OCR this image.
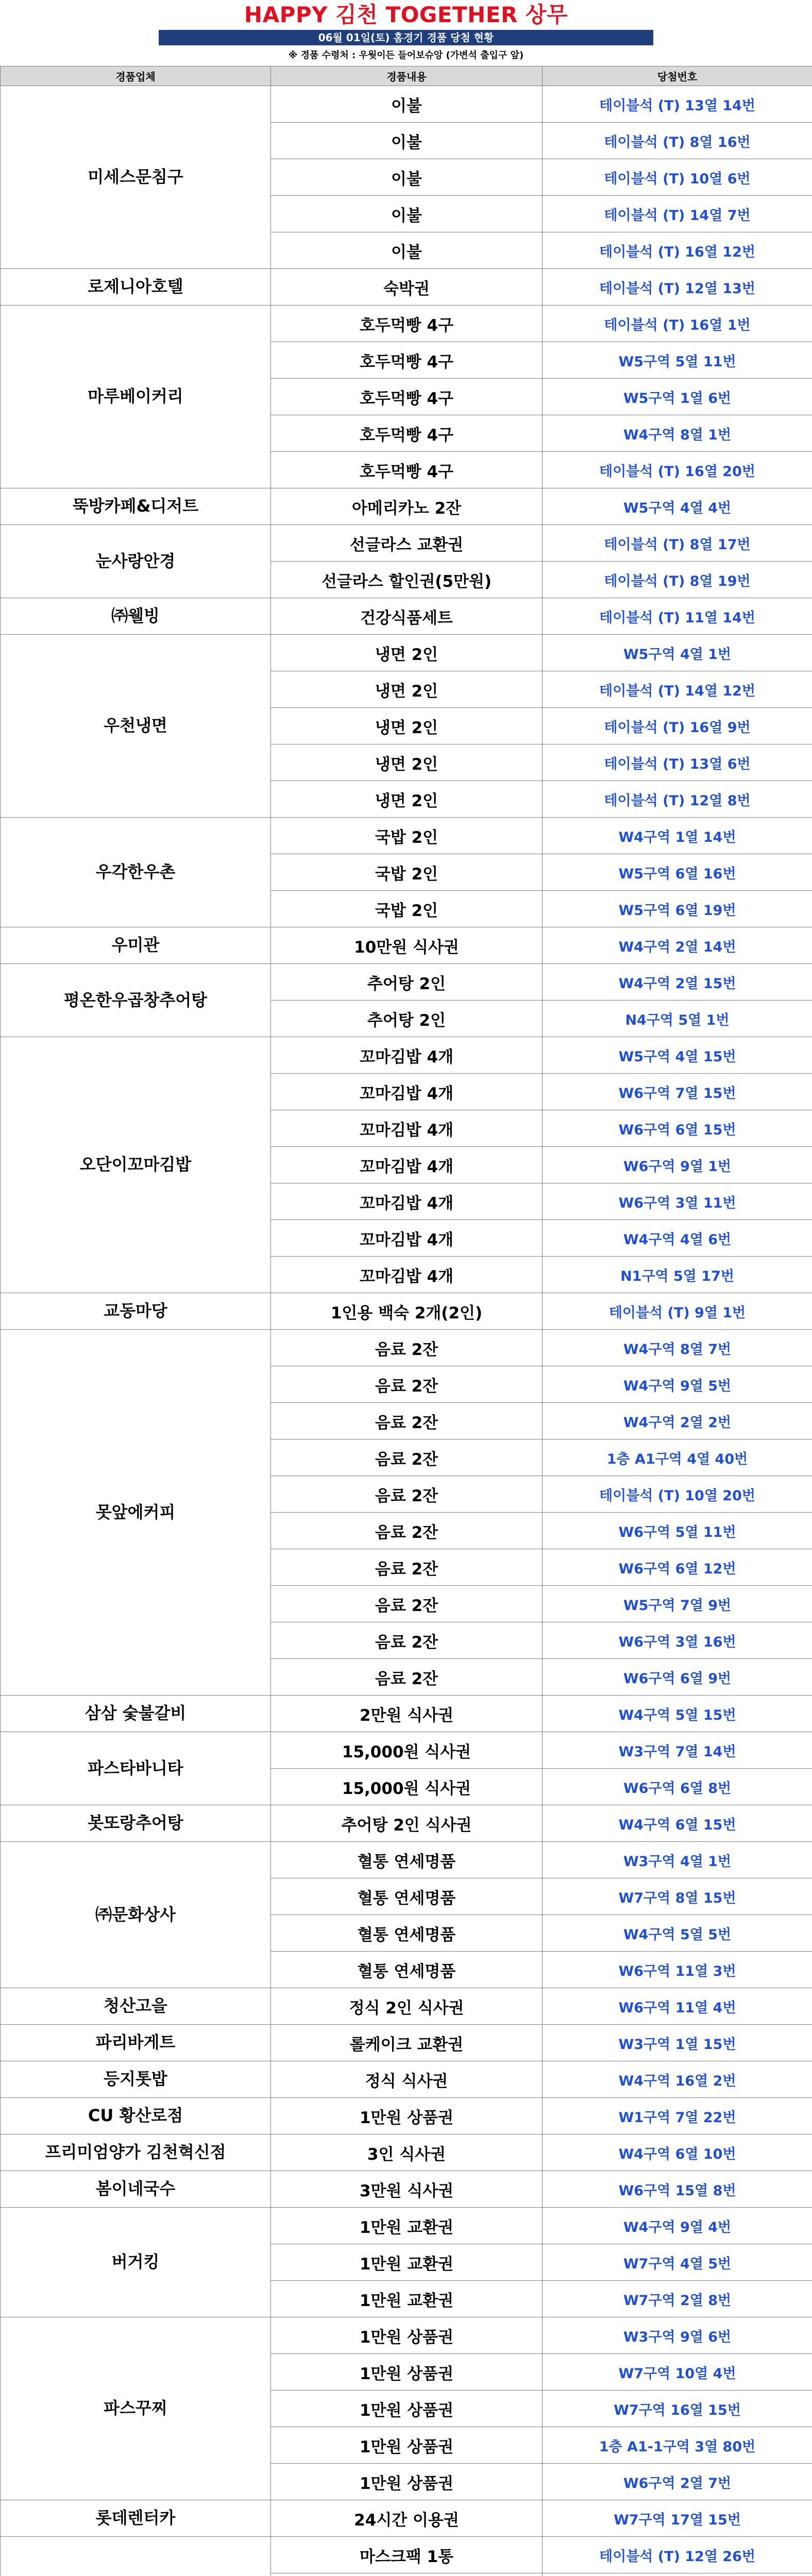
HAPPY 김천 TOGETHER 상무
06월 01일(토) 홈경기 경품 당첨 현황
※ 경품 수령처 : 우웟이든 들어보슈앙 (가변석 출입구 앞)
경품업체	경품내용	당첨번호
미세스문침구	이불	테이블석 (T) 13열 14번
	이불	테이블석 (T) 8열 16번
	이불	테이블석 (T) 10열 6번
	이불	테이블석 (T) 14열 7번
	이불	테이블석 (T) 16열 12번
로제니아호텔	숙박권	테이블석 (T) 12열 13번
마루베이커리	호두먹빵 4구	테이블석 (T) 16열 1번
	호두먹빵 4구	W5구역 5열 11번
	호두먹빵 4구	W5구역 1열 6번
	호두먹빵 4구	W4구역 8열 1번
	호두먹빵 4구	테이블석 (T) 16열 20번
뚝방카페&디저트	아메리카노 2잔	W5구역 4열 4번
눈사랑안경	선글라스 교환권	테이블석 (T) 8열 17번
	선글라스 할인권(5만원)	테이블석 (T) 8열 19번
㈜웰빙	건강식품세트	테이블석 (T) 11열 14번
우천냉면	냉면 2인	W5구역 4열 1번
	냉면 2인	테이블석 (T) 14열 12번
	냉면 2인	테이블석 (T) 16열 9번
	냉면 2인	테이블석 (T) 13열 6번
	냉면 2인	테이블석 (T) 12열 8번
우각한우촌	국밥 2인	W4구역 1열 14번
	국밥 2인	W5구역 6열 16번
	국밥 2인	W5구역 6열 19번
우미관	10만원 식사권	W4구역 2열 14번
평온한우곱창추어탕	추어탕 2인	W4구역 2열 15번
	추어탕 2인	N4구역 5열 1번
오단이꼬마김밥	꼬마김밥 4개	W5구역 4열 15번
	꼬마김밥 4개	W6구역 7열 15번
	꼬마김밥 4개	W6구역 6열 15번
	꼬마김밥 4개	W6구역 9열 1번
	꼬마김밥 4개	W6구역 3열 11번
	꼬마김밥 4개	W4구역 4열 6번
	꼬마김밥 4개	N1구역 5열 17번
교동마당	1인용 백숙 2개(2인)	테이블석 (T) 9열 1번
못앞에커피	음료 2잔	W4구역 8열 7번
	음료 2잔	W4구역 9열 5번
	음료 2잔	W4구역 2열 2번
	음료 2잔	1층 A1구역 4열 40번
	음료 2잔	테이블석 (T) 10열 20번
	음료 2잔	W6구역 5열 11번
	음료 2잔	W6구역 6열 12번
	음료 2잔	W5구역 7열 9번
	음료 2잔	W6구역 3열 16번
	음료 2잔	W6구역 6열 9번
삼삼 숯불갈비	2만원 식사권	W4구역 5열 15번
파스타바니타	15,000원 식사권	W3구역 7열 14번
	15,000원 식사권	W6구역 6열 8번
봇또랑추어탕	추어탕 2인 식사권	W4구역 6열 15번
㈜문화상사	혈통 연세명품	W3구역 4열 1번
	혈통 연세명품	W7구역 8열 15번
	혈통 연세명품	W4구역 5열 5번
	혈통 연세명품	W6구역 11열 3번
청산고을	정식 2인 식사권	W6구역 11열 4번
파리바게트	롤케이크 교환권	W3구역 1열 15번
등지톳밥	정식 식사권	W4구역 16열 2번
CU 황산로점	1만원 상품권	W1구역 7열 22번
프리미엄양가 김천혁신점	3인 식사권	W4구역 6열 10번
봄이네국수	3만원 식사권	W6구역 15열 8번
버거킹	1만원 교환권	W4구역 9열 4번
	1만원 교환권	W7구역 4열 5번
	1만원 교환권	W7구역 2열 8번
파스꾸찌	1만원 상품권	W3구역 9열 6번
	1만원 상품권	W7구역 10열 4번
	1만원 상품권	W7구역 16열 15번
	1만원 상품권	1층 A1-1구역 3열 80번
	1만원 상품권	W6구역 2열 7번
롯데렌터카	24시간 이용권	W7구역 17열 15번

	마스크팩 1통	테이블석 (T) 12열 26번
